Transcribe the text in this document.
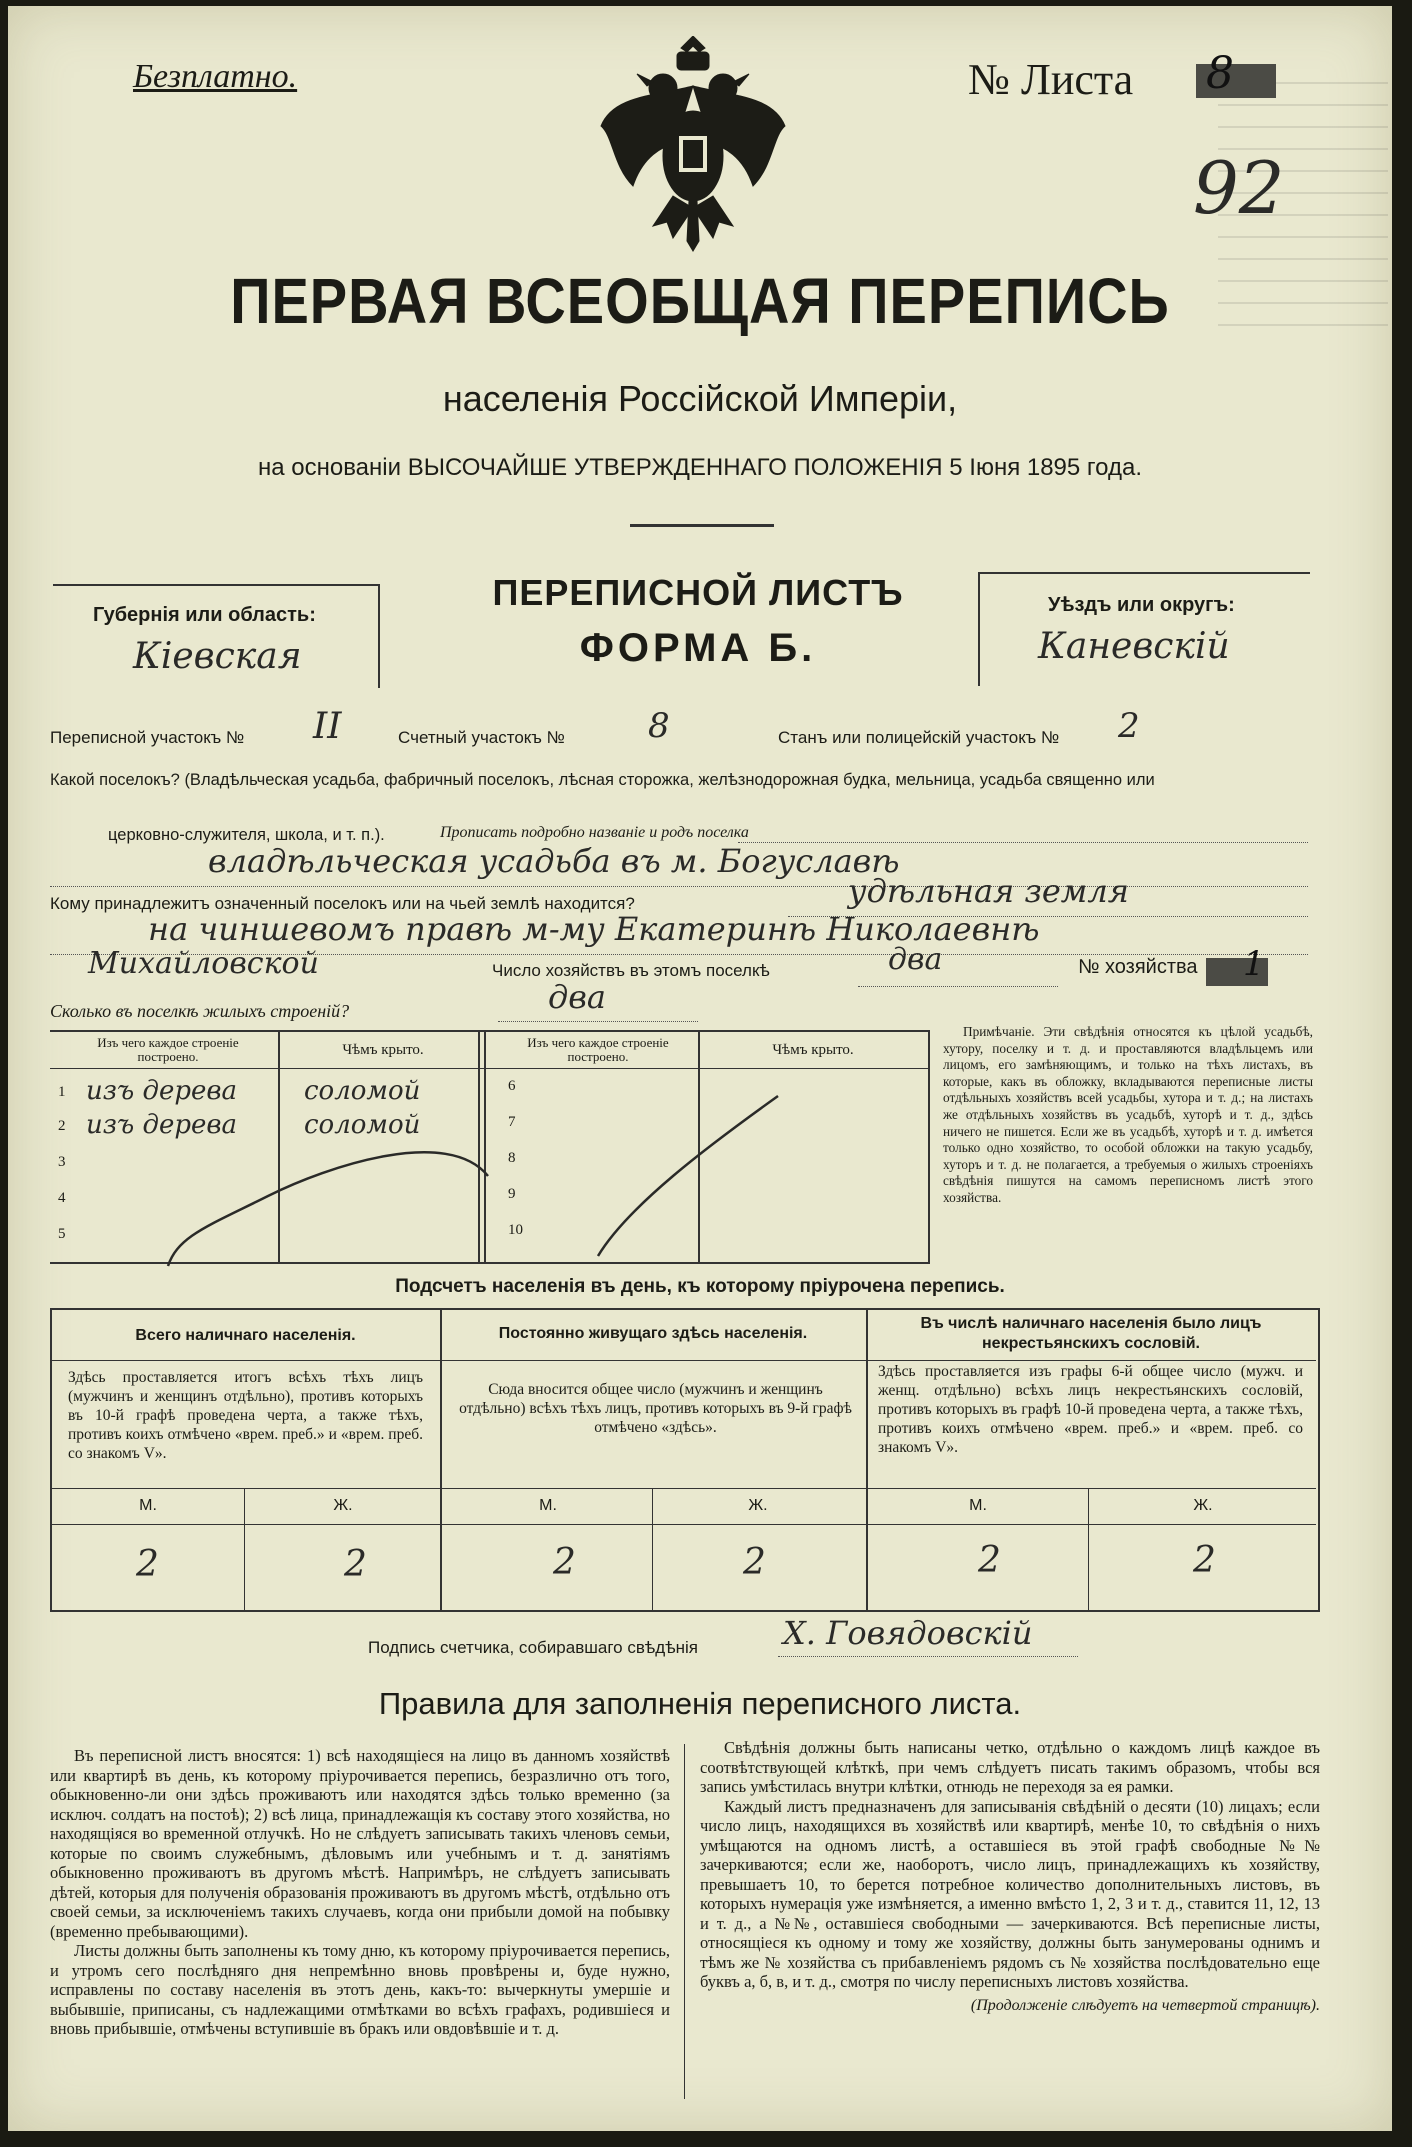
Безплатно.	№ Листа 8
92
ПЕРВАЯ ВСЕОБЩАЯ ПЕРЕПИСЬ
населенія Россійской Имперіи,
на основаніи ВЫСОЧАЙШЕ УТВЕРЖДЕННАГО ПОЛОЖЕНІЯ 5 Іюня 1895 года.
Губернія или область:
Кіевская
ПЕРЕПИСНОЙ ЛИСТЪ
ФОРМА Б.
Уѣздъ или округъ:
Каневскій
Переписной участокъ № II	Счетный участокъ № 8	Станъ или полицейскій участокъ № 2
Какой поселокъ? (Владѣльческая усадьба, фабричный поселокъ, лѣсная сторожка, желѣзнодорожная будка, мельница, усадьба священно или
церковно-служителя, школа, и т. п.).	Прописать подробно названіе и родъ поселка
владѣльческая усадьба въ м. Богуславѣ
Кому принадлежитъ означенный поселокъ или на чьей землѣ находится?	удѣльная земля
на чиншевомъ правѣ м-му Екатеринѣ Николаевнѣ
Михайловской	Число хозяйствъ въ этомъ поселкѣ	два	№ хозяйства 1
Сколько въ поселкѣ жилыхъ строеній?	два
Изъ чего каждое строеніе построено.	Чѣмъ крыто.	Изъ чего каждое строеніе построено.	Чѣмъ крыто.
1 изъ дерева	соломой
2 изъ дерева	соломой
3
4
5
6
7
8
9
10
Примѣчаніе. Эти свѣдѣнія относятся къ цѣлой усадьбѣ, хутору, поселку и т. д. и проставляются владѣльцемъ или лицомъ, его замѣняющимъ, и только на тѣхъ листахъ, въ которые, какъ въ обложку, вкладываются переписные листы отдѣльныхъ хозяйствъ всей усадьбы, хутора и т. д.; на листахъ же отдѣльныхъ хозяйствъ въ усадьбѣ, хуторѣ и т. д., здѣсь ничего не пишется. Если же въ усадьбѣ, хуторѣ и т. д. имѣется только одно хозяйство, то особой обложки на такую усадьбу, хуторъ и т. д. не полагается, а требуемыя о жилыхъ строеніяхъ свѣдѣнія пишутся на самомъ переписномъ листѣ этого хозяйства.
Подсчетъ населенія въ день, къ которому пріурочена перепись.
Всего наличнаго населенія.	Постоянно живущаго здѣсь населенія.
Въ числѣ наличнаго населенія было лицъ некрестьянскихъ сословій.
Здѣсь проставляется итогъ всѣхъ тѣхъ лицъ (мужчинъ и женщинъ отдѣльно), противъ которыхъ въ 10-й графѣ проведена черта, а также тѣхъ, противъ коихъ отмѣчено «врем. преб.» и «врем. преб. со знакомъ V».
Сюда вносится общее число (мужчинъ и женщинъ отдѣльно) всѣхъ тѣхъ лицъ, противъ которыхъ въ 9-й графѣ отмѣчено «здѣсь».
Здѣсь проставляется изъ графы 6-й общее число (мужч. и женщ. отдѣльно) всѣхъ лицъ некрестьянскихъ сословій, противъ которыхъ въ графѣ 10-й проведена черта, а также тѣхъ, противъ коихъ отмѣчено «врем. преб.» и «врем. преб. со знакомъ V».
М.	Ж.	М.	Ж.	М.	Ж.
2	2	2	2	2	2
Подпись счетчика, собиравшаго свѣдѣнія	Х. Говядовскій
Правила для заполненія переписного листа.

Въ переписной листъ вносятся: 1) всѣ находящіеся на лицо въ данномъ хозяйствѣ или квартирѣ въ день, къ которому пріурочивается перепись, безразлично отъ того, обыкновенно-ли они здѣсь проживаютъ или находятся здѣсь только временно (за исключ. солдатъ на постоѣ); 2) всѣ лица, принадлежащія къ составу этого хозяйства, но находящіяся во временной отлучкѣ. Но не слѣдуетъ записывать такихъ членовъ семьи, которые по своимъ служебнымъ, дѣловымъ или учебнымъ и т. д. занятіямъ обыкновенно проживаютъ въ другомъ мѣстѣ. Напримѣръ, не слѣдуетъ записывать дѣтей, которыя для полученія образованія проживаютъ въ другомъ мѣстѣ, отдѣльно отъ своей семьи, за исключеніемъ такихъ случаевъ, когда они прибыли домой на побывку (временно пребывающими).

Листы должны быть заполнены къ тому дню, къ которому пріурочивается перепись, и утромъ сего послѣдняго дня непремѣнно вновь провѣрены и, буде нужно, исправлены по составу населенія въ этотъ день, какъ-то: вычеркнуты умершіе и выбывшіе, приписаны, съ надлежащими отмѣтками во всѣхъ графахъ, родившіеся и вновь прибывшіе, отмѣчены вступившіе въ бракъ или овдовѣвшіе и т. д.

Свѣдѣнія должны быть написаны четко, отдѣльно о каждомъ лицѣ каждое въ соотвѣтствующей клѣткѣ, при чемъ слѣдуетъ писать такимъ образомъ, чтобы вся запись умѣстилась внутри клѣтки, отнюдь не переходя за ея рамки.

Каждый листъ предназначенъ для записыванія свѣдѣній о десяти (10) лицахъ; если число лицъ, находящихся въ хозяйствѣ или квартирѣ, менѣе 10, то свѣдѣнія о нихъ умѣщаются на одномъ листѣ, а оставшіеся въ этой графѣ свободные №№ зачеркиваются; если же, наоборотъ, число лицъ, принадлежащихъ къ хозяйству, превышаетъ 10, то берется потребное количество дополнительныхъ листовъ, въ которыхъ нумерація уже измѣняется, а именно вмѣсто 1, 2, 3 и т. д., ставится 11, 12, 13 и т. д., а №№, оставшіеся свободными — зачеркиваются. Всѣ переписные листы, относящіеся къ одному и тому же хозяйству, должны быть занумерованы однимъ и тѣмъ же № хозяйства съ прибавленіемъ рядомъ съ № хозяйства послѣдовательно еще буквъ а, б, в, и т. д., смотря по числу переписныхъ листовъ хозяйства.

(Продолженіе слѣдуетъ на четвертой страницѣ).
